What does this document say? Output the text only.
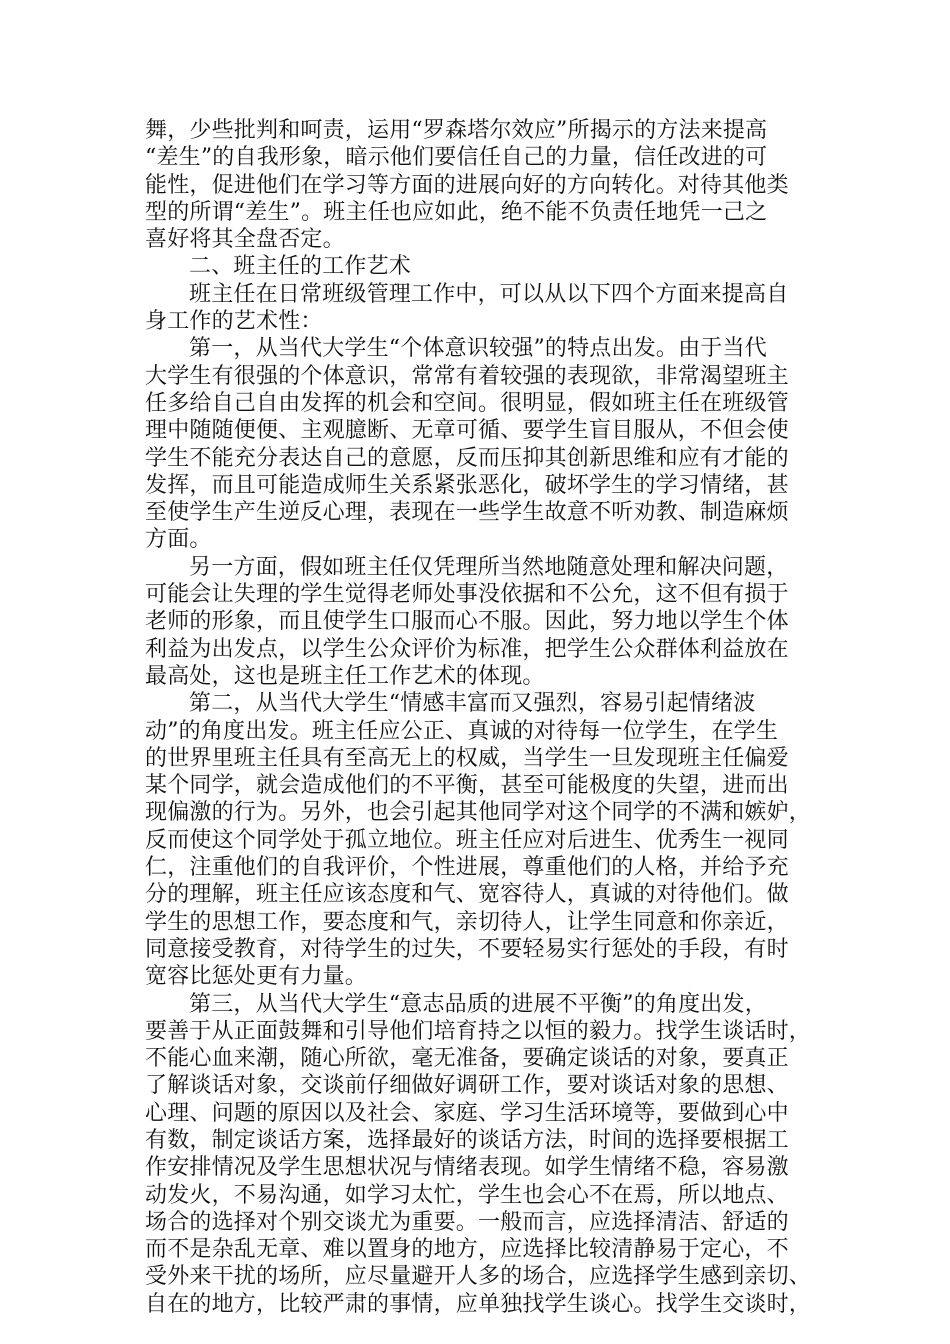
舞，少些批判和呵责，运用“罗森塔尔效应”所揭示的方法来提高
“差生”的自我形象，暗示他们要信任自己的力量，信任改进的可
能性，促进他们在学习等方面的进展向好的方向转化。对待其他类
型的所谓“差生”。班主任也应如此，绝不能不负责任地凭一己之
喜好将其全盘否定。
二、班主任的工作艺术
班主任在日常班级管理工作中，可以从以下四个方面来提高自
身工作的艺术性：
第一，从当代大学生“个体意识较强”的特点出发。由于当代
大学生有很强的个体意识，常常有着较强的表现欲，非常渴望班主
任多给自己自由发挥的机会和空间。很明显，假如班主任在班级管
理中随随便便、主观臆断、无章可循、要学生盲目服从，不但会使
学生不能充分表达自己的意愿，反而压抑其创新思维和应有才能的
发挥，而且可能造成师生关系紧张恶化，破坏学生的学习情绪，甚
至使学生产生逆反心理，表现在一些学生故意不听劝教、制造麻烦
方面。
另一方面，假如班主任仅凭理所当然地随意处理和解决问题，
可能会让失理的学生觉得老师处事没依据和不公允，这不但有损于
老师的形象，而且使学生口服而心不服。因此，努力地以学生个体
利益为出发点，以学生公众评价为标准，把学生公众群体利益放在
最高处，这也是班主任工作艺术的体现。
第二，从当代大学生“情感丰富而又强烈，容易引起情绪波
动”的角度出发。班主任应公正、真诚的对待每一位学生，在学生
的世界里班主任具有至高无上的权威，当学生一旦发现班主任偏爱
某个同学，就会造成他们的不平衡，甚至可能极度的失望，进而出
现偏激的行为。另外，也会引起其他同学对这个同学的不满和嫉妒，
反而使这个同学处于孤立地位。班主任应对后进生、优秀生一视同
仁，注重他们的自我评价，个性进展，尊重他们的人格，并给予充
分的理解，班主任应该态度和气、宽容待人，真诚的对待他们。做
学生的思想工作，要态度和气，亲切待人，让学生同意和你亲近，
同意接受教育，对待学生的过失，不要轻易实行惩处的手段，有时
宽容比惩处更有力量。
第三，从当代大学生“意志品质的进展不平衡”的角度出发，
要善于从正面鼓舞和引导他们培育持之以恒的毅力。找学生谈话时，
不能心血来潮，随心所欲，毫无准备，要确定谈话的对象，要真正
了解谈话对象，交谈前仔细做好调研工作，要对谈话对象的思想、
心理、问题的原因以及社会、家庭、学习生活环境等，要做到心中
有数，制定谈话方案，选择最好的谈话方法，时间的选择要根据工
作安排情况及学生思想状况与情绪表现。如学生情绪不稳，容易激
动发火，不易沟通，如学习太忙，学生也会心不在焉，所以地点、
场合的选择对个别交谈尤为重要。一般而言，应选择清洁、舒适的
而不是杂乱无章、难以置身的地方，应选择比较清静易于定心，不
受外来干扰的场所，应尽量避开人多的场合，应选择学生感到亲切、
自在的地方，比较严肃的事情，应单独找学生谈心。找学生交谈时，
